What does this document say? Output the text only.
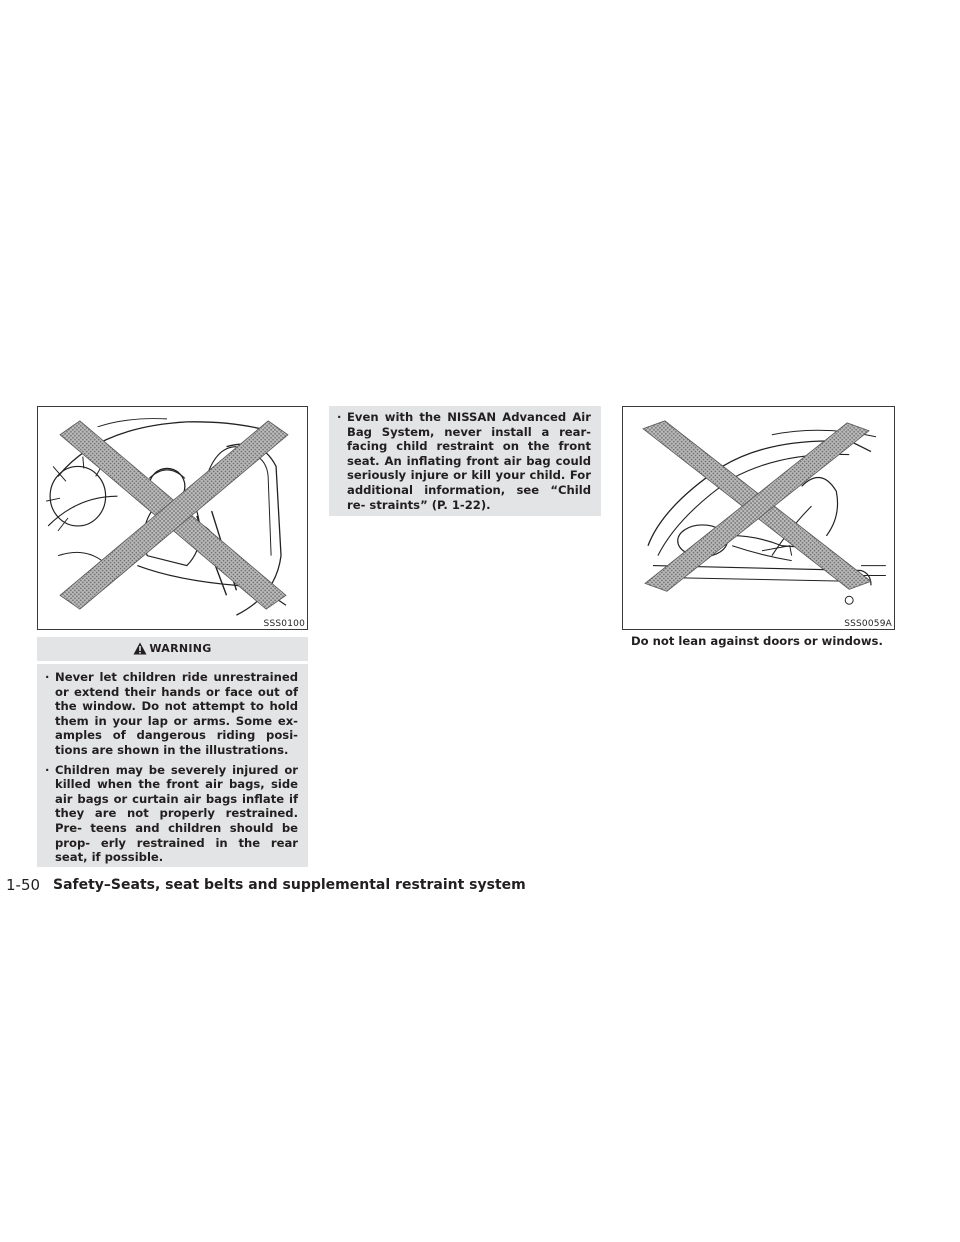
SSS0100
WARNING
· Never let children ride unrestrained or extend their hands or face out of the window. Do not attempt to hold them in your lap or arms. Some ex- amples of dangerous riding posi- tions are shown in the illustrations.
· Children may be severely injured or killed when the front air bags, side air bags or curtain air bags inflate if they are not properly restrained. Pre- teens and children should be prop- erly restrained in the rear seat, if possible.
· Even with the NISSAN Advanced Air Bag System, never install a rear- facing child restraint on the front seat. An inflating front air bag could seriously injure or kill your child. For additional information, see “Child re- straints” (P. 1-22).
SSS0059A
Do not lean against doors or windows.
1-50 Safety–Seats, seat belts and supplemental restraint system
